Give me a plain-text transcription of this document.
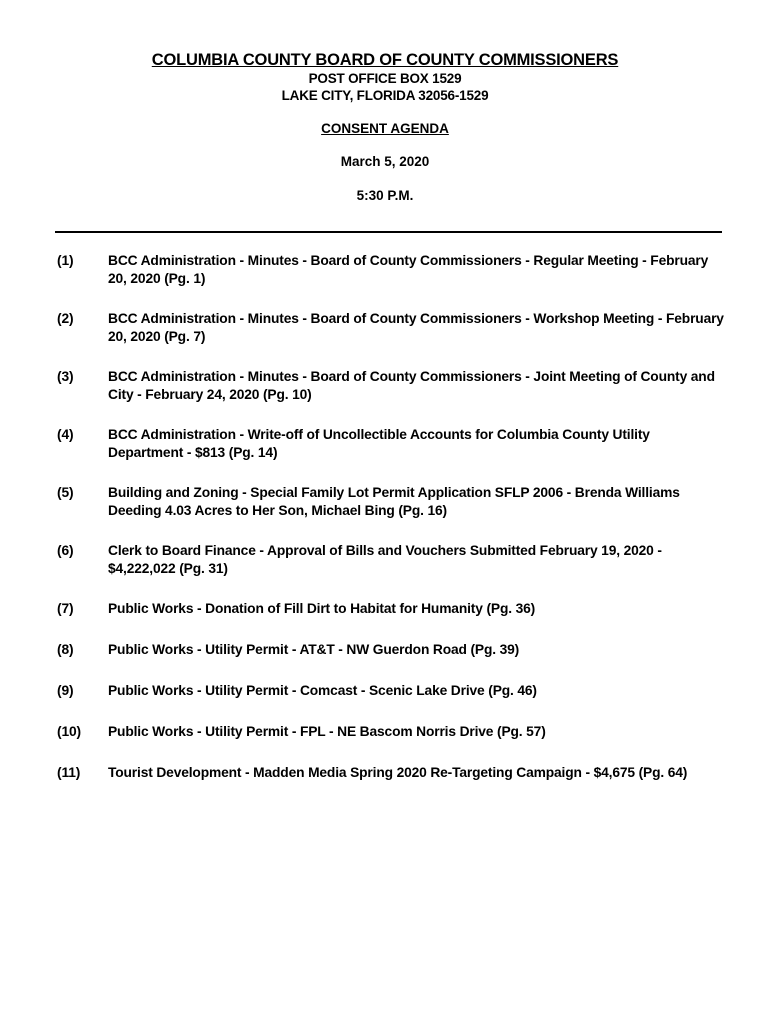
COLUMBIA COUNTY BOARD OF COUNTY COMMISSIONERS
POST OFFICE BOX 1529
LAKE CITY, FLORIDA 32056-1529
CONSENT AGENDA
March 5, 2020
5:30 P.M.
(1)	BCC Administration - Minutes - Board of County Commissioners - Regular Meeting - February 20, 2020 (Pg. 1)
(2)	BCC Administration - Minutes - Board of County Commissioners - Workshop Meeting - February 20, 2020 (Pg. 7)
(3)	BCC Administration - Minutes - Board of County Commissioners - Joint Meeting of County and City - February 24, 2020 (Pg. 10)
(4)	BCC Administration - Write-off of Uncollectible Accounts for Columbia County Utility Department - $813 (Pg. 14)
(5)	Building and Zoning - Special Family Lot Permit Application SFLP 2006 - Brenda Williams Deeding 4.03 Acres to Her Son, Michael Bing (Pg. 16)
(6)	Clerk to Board Finance - Approval of Bills and Vouchers Submitted February 19, 2020 - $4,222,022 (Pg. 31)
(7)	Public Works - Donation of Fill Dirt to Habitat for Humanity (Pg. 36)
(8)	Public Works - Utility Permit - AT&T - NW Guerdon Road (Pg. 39)
(9)	Public Works - Utility Permit - Comcast - Scenic Lake Drive (Pg. 46)
(10)	Public Works - Utility Permit - FPL - NE Bascom Norris Drive (Pg. 57)
(11)	Tourist Development - Madden Media Spring 2020 Re-Targeting Campaign - $4,675 (Pg. 64)
